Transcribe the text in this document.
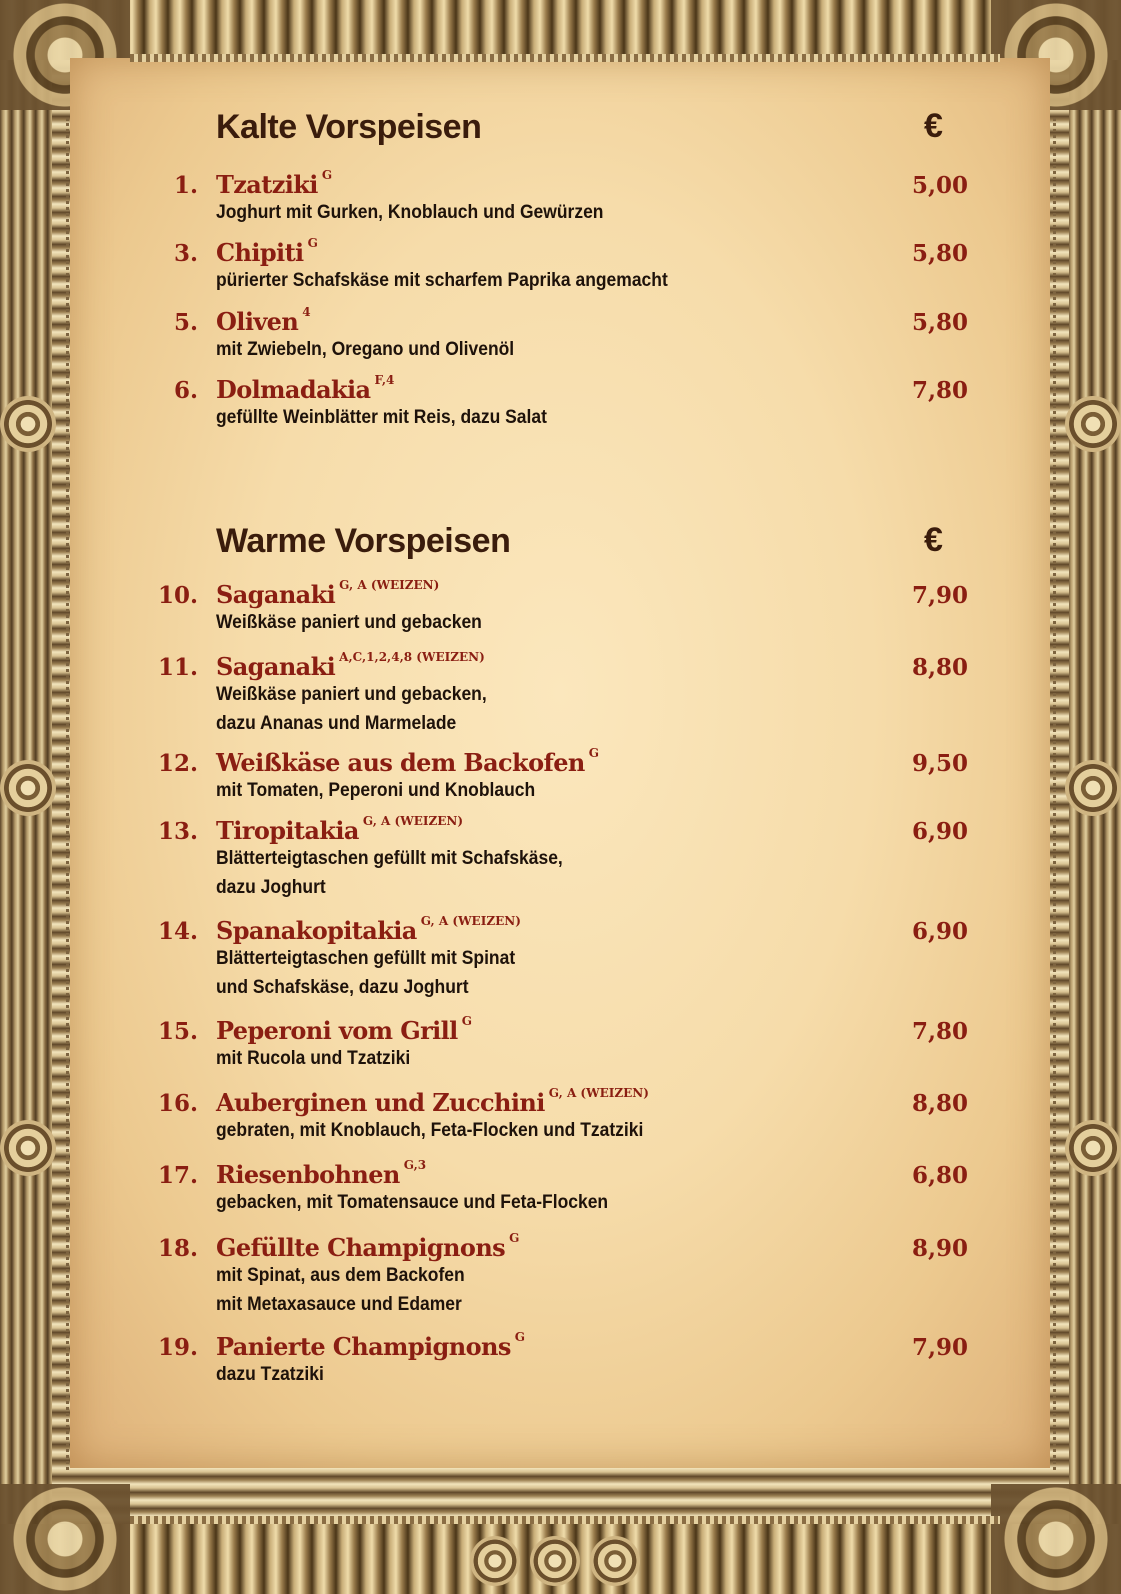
Kalte Vorspeisen	€
1. Tzatziki $^G$
Joghurt mit Gurken, Knoblauch und Gewürzen
5,00
3. Chipiti $^G$
pürierter Schafskäse mit scharfem Paprika angemacht
5,80
5. Oliven $^4$
mit Zwiebeln, Oregano und Olivenöl
5,80
6. Dolmadakia $^{F,4}$
gefüllte Weinblätter mit Reis, dazu Salat
7,80
Warme Vorspeisen	€
10. Saganaki $^{G, A (WEIZEN)}$
Weißkäse paniert und gebacken
7,90
11. Saganaki $^{A,C,1,2,4,8 (WEIZEN)}$
Weißkäse paniert und gebacken,
dazu Ananas und Marmelade
8,80
12. Weißkäse aus dem Backofen $^G$
mit Tomaten, Peperoni und Knoblauch
9,50
13. Tiropitakia $^{G, A (WEIZEN)}$
Blätterteigtaschen gefüllt mit Schafskäse,
dazu Joghurt
6,90
14. Spanakopitakia $^{G, A (WEIZEN)}$
Blätterteigtaschen gefüllt mit Spinat
und Schafskäse, dazu Joghurt
6,90
15. Peperoni vom Grill $^G$
mit Rucola und Tzatziki
7,80
16. Auberginen und Zucchini $^{G, A (WEIZEN)}$
gebraten, mit Knoblauch, Feta-Flocken und Tzatziki
8,80
17. Riesenbohnen $^{G,3}$
gebacken, mit Tomatensauce und Feta-Flocken
6,80
18. Gefüllte Champignons $^G$
mit Spinat, aus dem Backofen
mit Metaxasauce und Edamer
8,90
19. Panierte Champignons $^G$
dazu Tzatziki
7,90
